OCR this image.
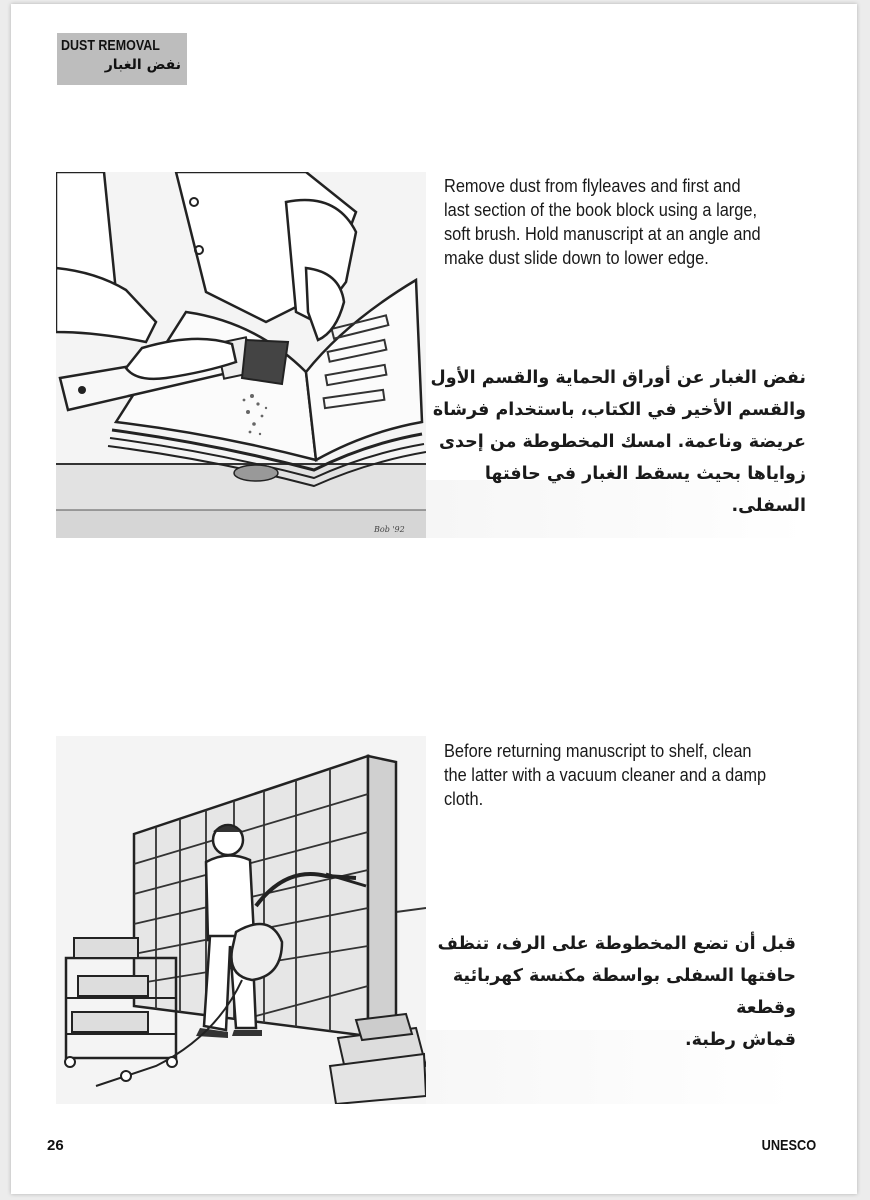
DUST REMOVAL
نفض الغبار
Bob '92
Remove dust from flyleaves and first and
last section of the book block using a large,
soft brush. Hold manuscript at an angle and
make dust slide down to lower edge.
نفض الغبار عن أوراق الحماية والقسم الأول
والقسم الأخير في الكتاب، باستخدام فرشاة
عريضة وناعمة. امسك المخطوطة من إحدى
زواياها بحيث يسقط الغبار في حافتها السفلى.
Before returning manuscript to shelf, clean
the latter with a vacuum cleaner and a damp
cloth.
قبل أن تضع المخطوطة على الرف، تنظف
حافتها السفلى بواسطة مكنسة كهربائية وقطعة
قماش رطبة.
26	UNESCO
